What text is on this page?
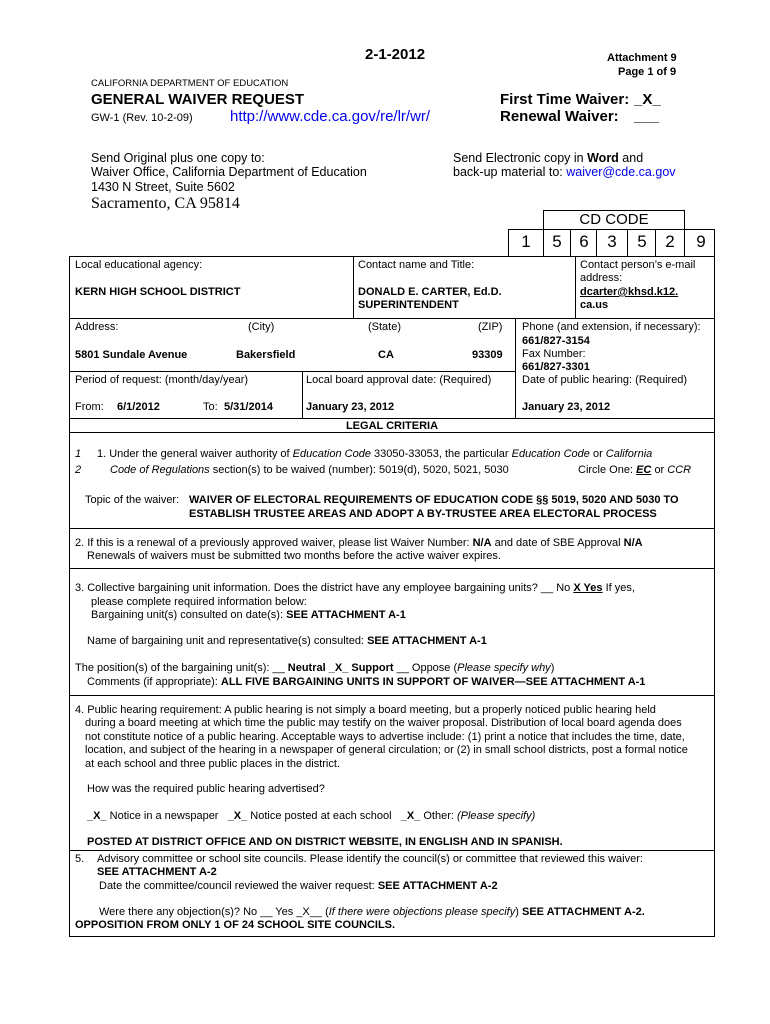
2-1-2012	Attachment 9
Page 1 of 9
CALIFORNIA DEPARTMENT OF EDUCATION
GENERAL WAIVER REQUEST
GW-1 (Rev. 10-2-09) http://www.cde.ca.gov/re/lr/wr/
First Time Waiver: _X_
Renewal Waiver: ___
Send Original plus one copy to:
Waiver Office, California Department of Education
1430 N Street, Suite 5602
Sacramento, CA 95814
Send Electronic copy in Word and
back-up material to: waiver@cde.ca.gov
CD CODE
1	5	6	3	5	2	9
Local educational agency:
KERN HIGH SCHOOL DISTRICT
Contact name and Title:
DONALD E. CARTER, Ed.D.
SUPERINTENDENT
Contact person’s e-mail
address:
dcarter@khsd.k12.
ca.us
Address:	(City)	(State)	(ZIP)
5801 Sundale Avenue	Bakersfield	CA	93309
Phone (and extension, if necessary):
661/827-3154
Fax Number:
661/827-3301
Period of request: (month/day/year)
From: 6/1/2012	To: 5/31/2014
Local board approval date: (Required)
January 23, 2012
Date of public hearing: (Required)
January 23, 2012
LEGAL CRITERIA
1
2
1. Under the general waiver authority of Education Code 33050-33053, the particular Education Code or California
Code of Regulations section(s) to be waived (number): 5019(d), 5020, 5021, 5030	Circle One: EC or CCR
Topic of the waiver: WAIVER OF ELECTORAL REQUIREMENTS OF EDUCATION CODE §§ 5019, 5020 AND 5030 TO
ESTABLISH TRUSTEE AREAS AND ADOPT A BY-TRUSTEE AREA ELECTORAL PROCESS
2. If this is a renewal of a previously approved waiver, please list Waiver Number: N/A and date of SBE Approval N/A
Renewals of waivers must be submitted two months before the active waiver expires.
3. Collective bargaining unit information. Does the district have any employee bargaining units? __ No X Yes If yes,
please complete required information below:
Bargaining unit(s) consulted on date(s): SEE ATTACHMENT A-1
Name of bargaining unit and representative(s) consulted: SEE ATTACHMENT A-1
The position(s) of the bargaining unit(s): __ Neutral _X_ Support __ Oppose (Please specify why)
Comments (if appropriate): ALL FIVE BARGAINING UNITS IN SUPPORT OF WAIVER—SEE ATTACHMENT A-1
4. Public hearing requirement: A public hearing is not simply a board meeting, but a properly noticed public hearing held
during a board meeting at which time the public may testify on the waiver proposal. Distribution of local board agenda does
not constitute notice of a public hearing. Acceptable ways to advertise include: (1) print a notice that includes the time, date,
location, and subject of the hearing in a newspaper of general circulation; or (2) in small school districts, post a formal notice
at each school and three public places in the district.
How was the required public hearing advertised?
_X_ Notice in a newspaper _X_ Notice posted at each school _X_ Other: (Please specify)
POSTED AT DISTRICT OFFICE AND ON DISTRICT WEBSITE, IN ENGLISH AND IN SPANISH.
5. Advisory committee or school site councils. Please identify the council(s) or committee that reviewed this waiver:
SEE ATTACHMENT A-2
Date the committee/council reviewed the waiver request: SEE ATTACHMENT A-2
Were there any objection(s)? No __ Yes _X__ (If there were objections please specify) SEE ATTACHMENT A-2.
OPPOSITION FROM ONLY 1 OF 24 SCHOOL SITE COUNCILS.
